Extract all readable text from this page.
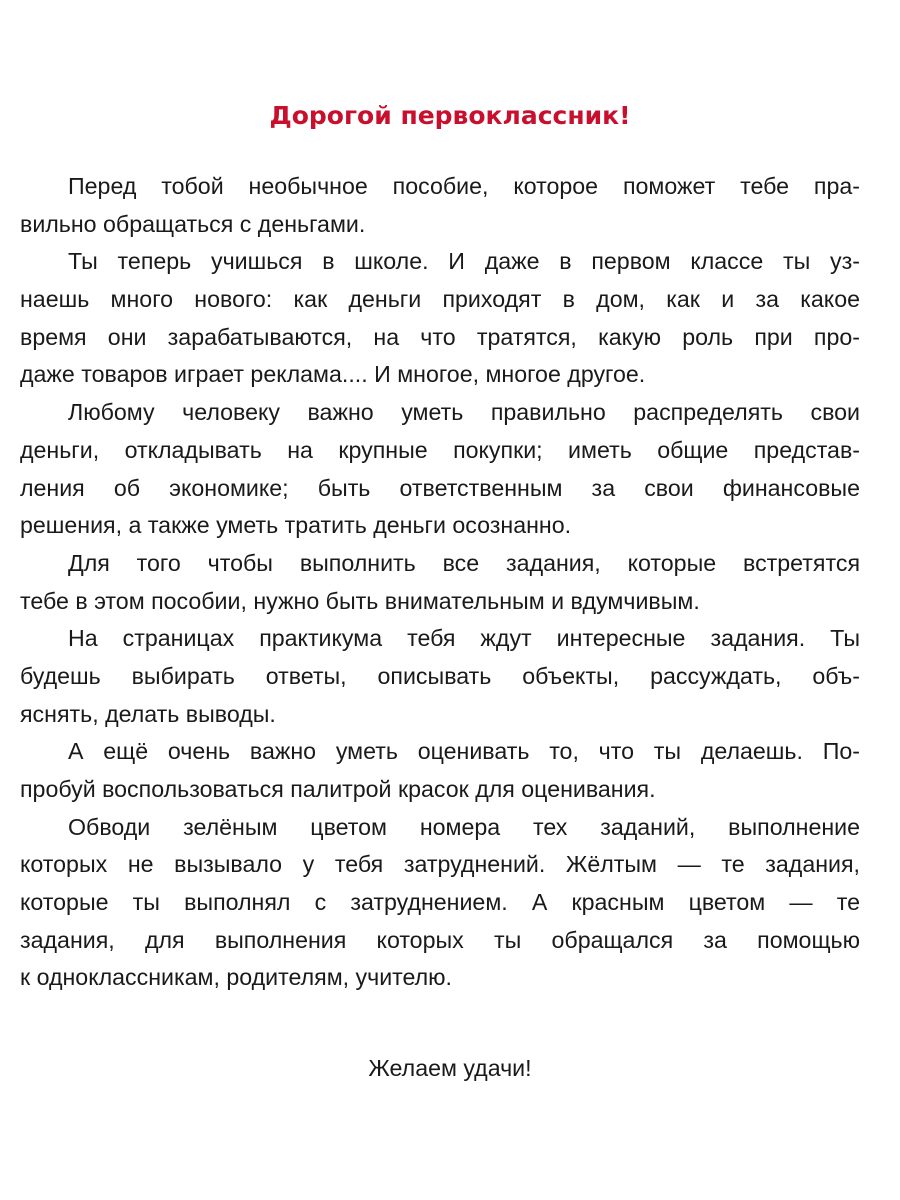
Дорогой первоклассник!
Перед тобой необычное пособие, которое поможет тебе пра-
вильно обращаться с деньгами.
Ты теперь учишься в школе. И даже в первом классе ты уз-
наешь много нового: как деньги приходят в дом, как и за какое
время они зарабатываются, на что тратятся, какую роль при про-
даже товаров играет реклама.... И многое, многое другое.
Любому человеку важно уметь правильно распределять свои
деньги, откладывать на крупные покупки; иметь общие представ-
ления об экономике; быть ответственным за свои финансовые
решения, а также уметь тратить деньги осознанно.
Для того чтобы выполнить все задания, которые встретятся
тебе в этом пособии, нужно быть внимательным и вдумчивым.
На страницах практикума тебя ждут интересные задания. Ты
будешь выбирать ответы, описывать объекты, рассуждать, объ-
яснять, делать выводы.
А ещё очень важно уметь оценивать то, что ты делаешь. По-
пробуй воспользоваться палитрой красок для оценивания.
Обводи зелёным цветом номера тех заданий, выполнение
которых не вызывало у тебя затруднений. Жёлтым — те задания,
которые ты выполнял с затруднением. А красным цветом — те
задания, для выполнения которых ты обращался за помощью
к одноклассникам, родителям, учителю.

Желаем удачи!
